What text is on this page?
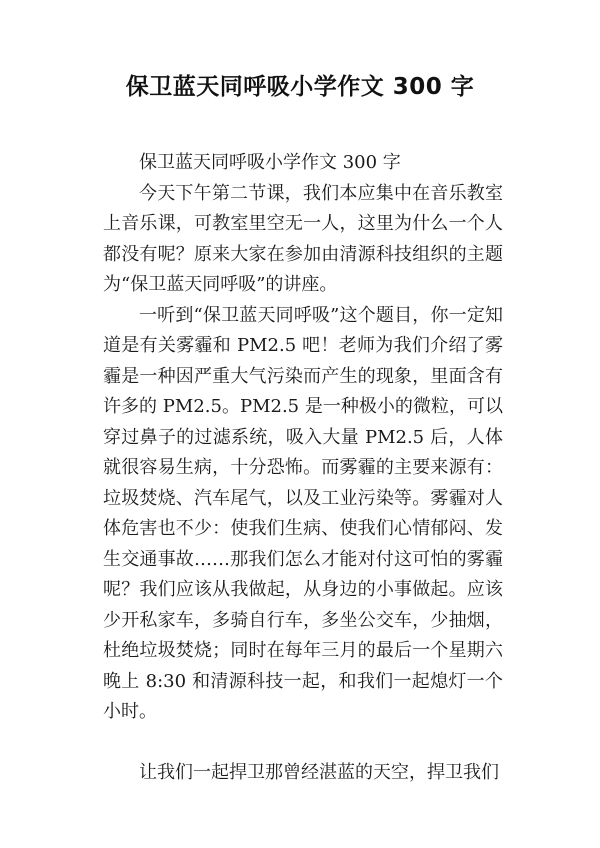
保卫蓝天同呼吸小学作文 300 字

保卫蓝天同呼吸小学作文 300 字

今天下午第二节课，我们本应集中在音乐教室上音乐课，可教室里空无一人，这里为什么一个人都没有呢？原来大家在参加由清源科技组织的主题为“保卫蓝天同呼吸”的讲座。

一听到“保卫蓝天同呼吸”这个题目，你一定知道是有关雾霾和 PM2.5 吧！老师为我们介绍了雾霾是一种因严重大气污染而产生的现象，里面含有许多的 PM2.5。PM2.5 是一种极小的微粒，可以穿过鼻子的过滤系统，吸入大量 PM2.5 后，人体就很容易生病，十分恐怖。而雾霾的主要来源有：垃圾焚烧、汽车尾气，以及工业污染等。雾霾对人体危害也不少：使我们生病、使我们心情郁闷、发生交通事故……那我们怎么才能对付这可怕的雾霾呢？我们应该从我做起，从身边的小事做起。应该少开私家车，多骑自行车，多坐公交车，少抽烟，杜绝垃圾焚烧；同时在每年三月的最后一个星期六晚上 8:30 和清源科技一起，和我们一起熄灯一个小时。

让我们一起捍卫那曾经湛蓝的天空，捍卫我们
